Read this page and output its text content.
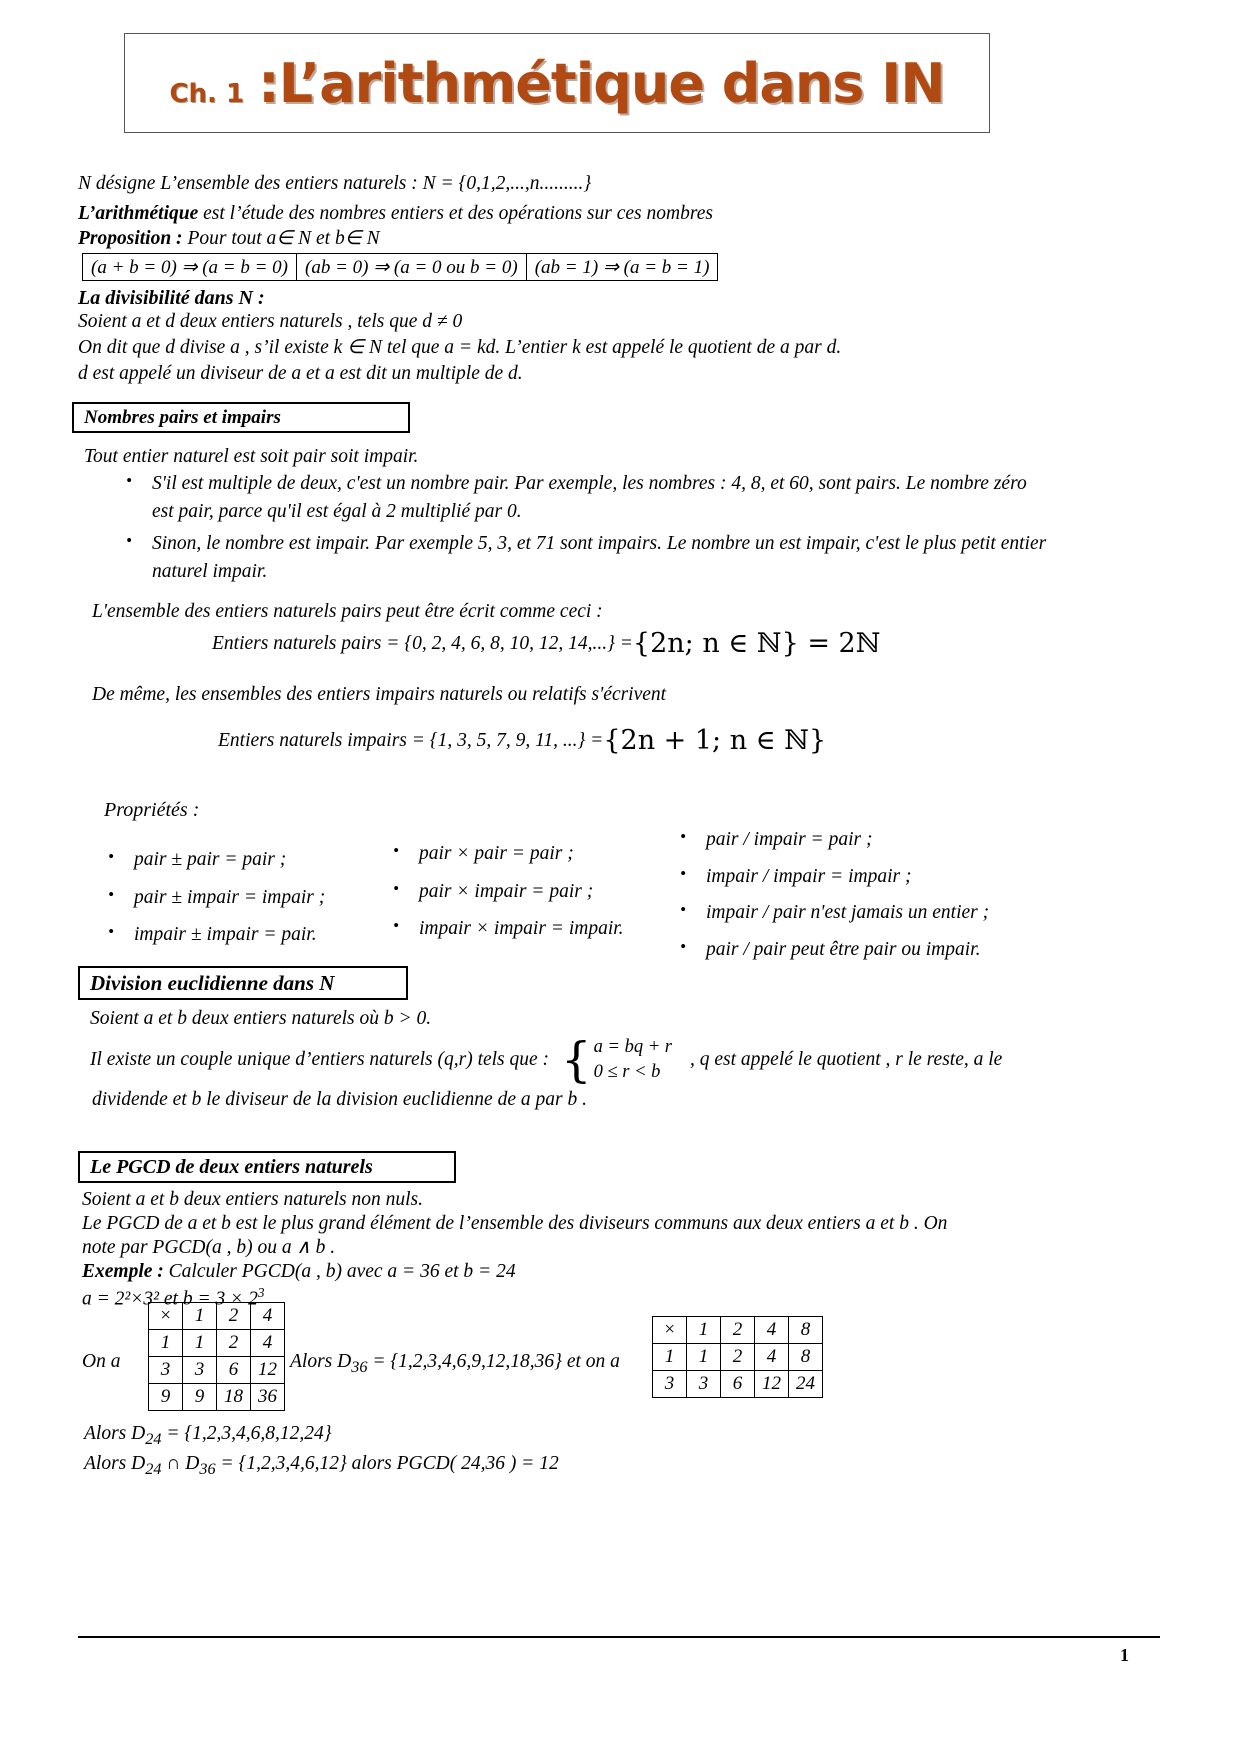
Ch. 1 :L’arithmétique dans IN
N désigne L’ensemble des entiers naturels : N = {0,1,2,...,n.........}
L’arithmétique est l’étude des nombres entiers et des opérations sur ces nombres
Proposition : Pour tout a∈ N et b∈ N
(a + b = 0) ⇒ (a = b = 0) (ab = 0) ⇒ (a = 0 ou b = 0) (ab = 1) ⇒ (a = b = 1)
La divisibilité dans N :
Soient a et d deux entiers naturels , tels que d ≠ 0
On dit que d divise a , s’il existe k ∈ N tel que a = kd. L’entier k est appelé le quotient de a par d.
d est appelé un diviseur de a et a est dit un multiple de d.
Nombres pairs et impairs
Tout entier naturel est soit pair soit impair.
• S'il est multiple de deux, c'est un nombre pair. Par exemple, les nombres : 4, 8, et 60, sont pairs. Le nombre zéro est pair, parce qu'il est égal à 2 multiplié par 0.
• Sinon, le nombre est impair. Par exemple 5, 3, et 71 sont impairs. Le nombre un est impair, c'est le plus petit entier naturel impair.
L'ensemble des entiers naturels pairs peut être écrit comme ceci :
Entiers naturels pairs = {0, 2, 4, 6, 8, 10, 12, 14,...} ={2n; n ∈ ℕ} = 2ℕ
De même, les ensembles des entiers impairs naturels ou relatifs s'écrivent
Entiers naturels impairs = {1, 3, 5, 7, 9, 11, ...} ={2n + 1; n ∈ ℕ}
Propriétés :
• pair ± pair = pair ;
• pair ± impair = impair ;
• impair ± impair = pair.
• pair × pair = pair ;
• pair × impair = pair ;
• impair × impair = impair.
• pair / impair = pair ;
• impair / impair = impair ;
• impair / pair n'est jamais un entier ;
• pair / pair peut être pair ou impair.
Division euclidienne dans N
Soient a et b deux entiers naturels où b > 0.
Il existe un couple unique d’entiers naturels (q,r) tels que : { a = bq + r
0 ≤ r < b
, q est appelé le quotient , r le reste, a le
dividende et b le diviseur de la division euclidienne de a par b .
Le PGCD de deux entiers naturels
Soient a et b deux entiers naturels non nuls.
Le PGCD de a et b est le plus grand élément de l’ensemble des diviseurs communs aux deux entiers a et b . On
note par PGCD(a , b) ou a ∧ b .
Exemple : Calculer PGCD(a , b) avec a = 36 et b = 24
a = 2²×3² et $b = 3 \times 2^3$
On a
×	1	2	4
1	1	2	4
3	3	6	12
9	9	18	36
Alors $D_{36} = \{1,2,3,4,6,9,12,18,36\}$ et on a
×	1	2	4	8
1	1	2	4	8
3	3	6	12	24
Alors $D_{24} = \{1,2,3,4,6,8,12,24\}$
Alors $D_{24}$ ∩ $D_{36} = \{1,2,3,4,6,12\}$ alors PGCD( 24,36 ) = 12
1
